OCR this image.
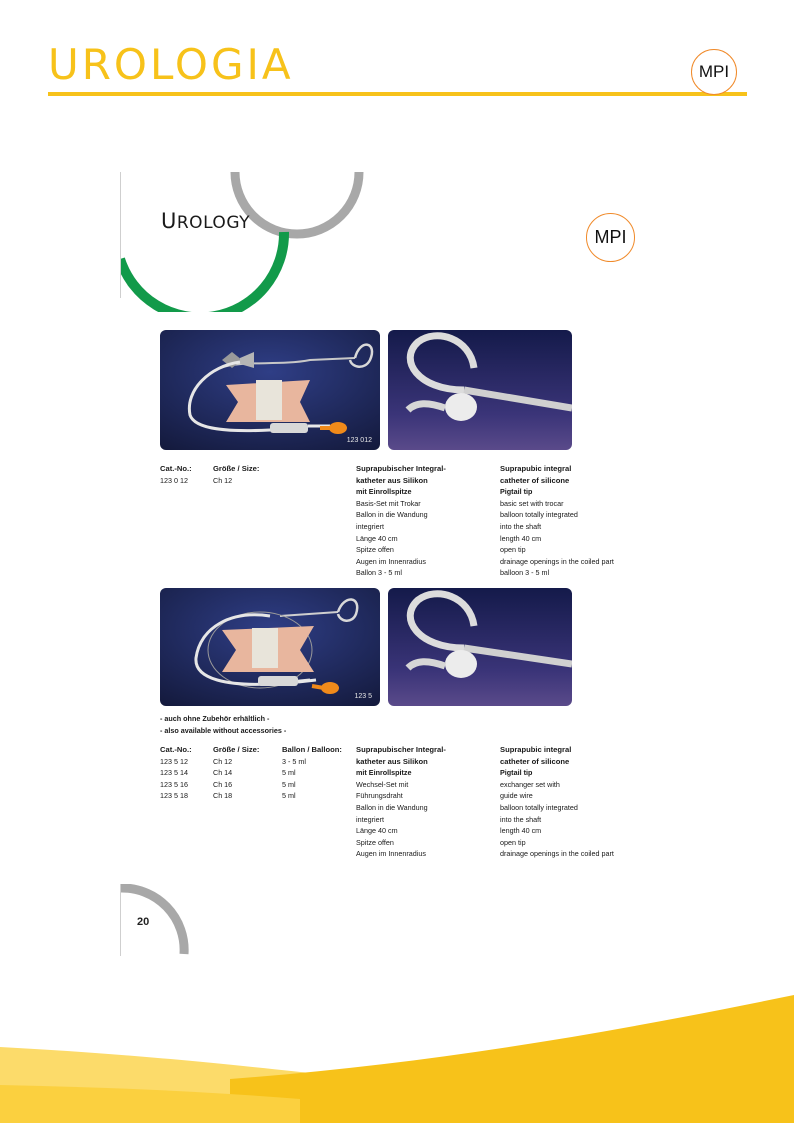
UROLOGIA	MPI
UROLOGY
MPI
123 012
Cat.-No.:
123 0 12
Größe / Size:
Ch 12
Suprapubischer Integral-
katheter aus Silikon
mit Einrollspitze
Basis-Set mit Trokar
Ballon in die Wandung
integriert
Länge 40 cm
Spitze offen
Augen im Innenradius
Ballon 3 - 5 ml
Suprapubic integral
catheter of silicone
Pigtail tip
basic set with trocar
balloon totally integrated
into the shaft
length 40 cm
open tip
drainage openings in the coiled part
balloon 3 - 5 ml
123 5
- auch ohne Zubehör erhältlich -
- also available without accessories -
Cat.-No.:
123 5 12
123 5 14
123 5 16
123 5 18
Größe / Size:
Ch 12
Ch 14
Ch 16
Ch 18
Ballon / Balloon:
3 - 5 ml
5 ml
5 ml
5 ml
Suprapubischer Integral-
katheter aus Silikon
mit Einrollspitze
Wechsel-Set mit
Führungsdraht
Ballon in die Wandung
integriert
Länge 40 cm
Spitze offen
Augen im Innenradius
Suprapubic integral
catheter of silicone
Pigtail tip
exchanger set with
guide wire
balloon totally integrated
into the shaft
length 40 cm
open tip
drainage openings in the coiled part
20
